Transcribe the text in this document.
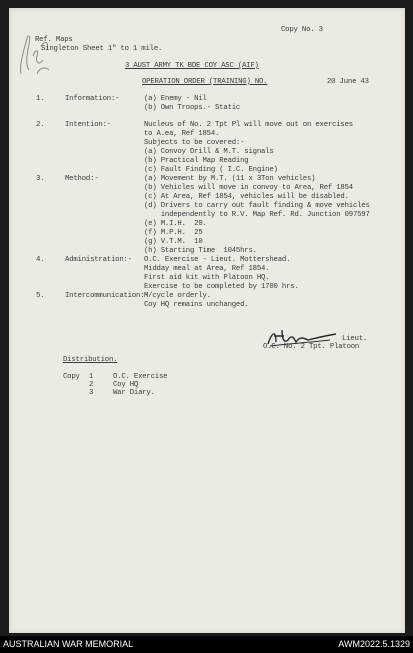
Copy No. 3
Ref. Maps
Singleton Sheet 1" to 1 mile.
3 AUST ARMY TK BDE COY ASC (AIF)
OPERATION ORDER (TRAINING) NO.	20 June 43
1.	Information:-	(a) Enemy - Nil
(b) Own Troops.- Static
2.	Intention:-	Nucleus of No. 2 Tpt Pl will move out on exercises
to A.ea, Ref 1854.
Subjects to be covered:-
(a) Convoy Drill & M.T. signals
(b) Practical Map Reading
(c) Fault Finding ( I.C. Engine)
3.	Method:-	(a) Movement by M.T. (11 x 3Ton vehicles)
(b) Vehicles will move in convoy to Area, Ref 1854
(c) At Area, Ref 1854, vehicles will be disabled.
(d) Drivers to carry out fault finding & move vehicles
independently to R.V. Map Ref. Rd. Junction 097597
(e) M.I.H.  20.
(f) M.P.H.  25
(g) V.T.M.  10
(h) Starting Time  1045hrs.
4.	Administration:- O.C. Exercise - Lieut. Mottershead.
Midday meal at Area, Ref 1854.
First aid kit with Platoon HQ.
Exercise to be completed by 1700 hrs.
5.	Intercommunication:-
M/cycle orderly.
Coy HQ remains unchanged.
Lieut.
O.C. No. 2 Tpt. Platoon
Distribution.
Copy 1	O.C. Exercise
2	Coy HQ
3	War Diary.
AUSTRALIAN WAR MEMORIAL	AWM2022.5.1329
